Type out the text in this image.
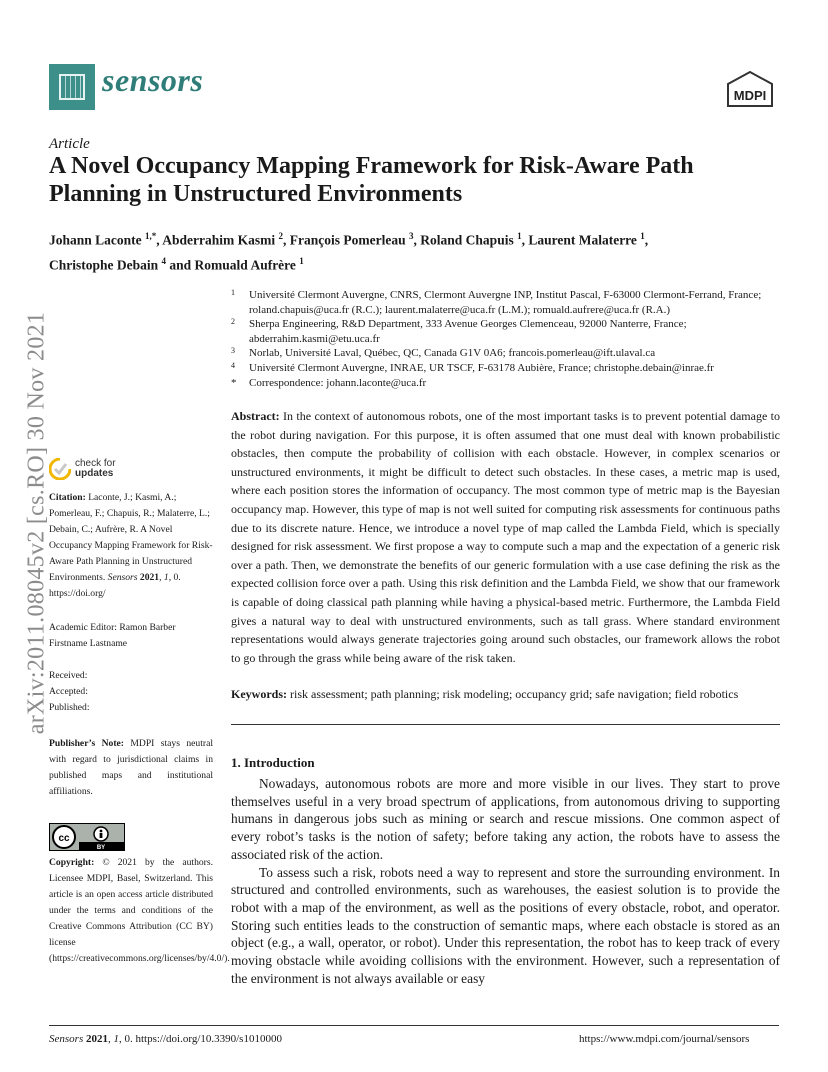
sensors	MDPI
Article
A Novel Occupancy Mapping Framework for Risk-Aware Path Planning in Unstructured Environments
Johann Laconte $^{1,*}$, Abderrahim Kasmi $^2$, François Pomerleau $^3$, Roland Chapuis $^1$, Laurent Malaterre $^1$,
Christophe Debain $^4$ and Romuald Aufrère $^1$
1 Université Clermont Auvergne, CNRS, Clermont Auvergne INP, Institut Pascal, F-63000 Clermont-Ferrand, France; roland.chapuis@uca.fr (R.C.); laurent.malaterre@uca.fr (L.M.); romuald.aufrere@uca.fr (R.A.)
2 Sherpa Engineering, R&D Department, 333 Avenue Georges Clemenceau, 92000 Nanterre, France; abderrahim.kasmi@etu.uca.fr
3 Norlab, Université Laval, Québec, QC, Canada G1V 0A6; francois.pomerleau@ift.ulaval.ca
4 Université Clermont Auvergne, INRAE, UR TSCF, F-63178 Aubière, France; christophe.debain@inrae.fr
* Correspondence: johann.laconte@uca.fr
Abstract: In the context of autonomous robots, one of the most important tasks is to prevent potential damage to the robot during navigation. For this purpose, it is often assumed that one must deal with known probabilistic obstacles, then compute the probability of collision with each obstacle. However, in complex scenarios or unstructured environments, it might be difficult to detect such obstacles. In these cases, a metric map is used, where each position stores the information of occupancy. The most common type of metric map is the Bayesian occupancy map. However, this type of map is not well suited for computing risk assessments for continuous paths due to its discrete nature. Hence, we introduce a novel type of map called the Lambda Field, which is specially designed for risk assessment. We first propose a way to compute such a map and the expectation of a generic risk over a path. Then, we demonstrate the benefits of our generic formulation with a use case defining the risk as the expected collision force over a path. Using this risk definition and the Lambda Field, we show that our framework is capable of doing classical path planning while having a physical-based metric. Furthermore, the Lambda Field gives a natural way to deal with unstructured environments, such as tall grass. Where standard environment representations would always generate trajectories going around such obstacles, our framework allows the robot to go through the grass while being aware of the risk taken.
Keywords: risk assessment; path planning; risk modeling; occupancy grid; safe navigation; field robotics
1. Introduction

Nowadays, autonomous robots are more and more visible in our lives. They start to prove themselves useful in a very broad spectrum of applications, from autonomous driving to supporting humans in dangerous jobs such as mining or search and rescue missions. One common aspect of every robot’s tasks is the notion of safety; before taking any action, the robots have to assess the associated risk of the action.

To assess such a risk, robots need a way to represent and store the surrounding environment. In structured and controlled environments, such as warehouses, the easiest solution is to provide the robot with a map of the environment, as well as the positions of every obstacle, robot, and operator. Storing such entities leads to the construction of semantic maps, where each obstacle is stored as an object (e.g., a wall, operator, or robot). Under this representation, the robot has to keep track of every moving obstacle while avoiding collisions with the environment. However, such a representation of the environment is not always available or easy

arXiv:2011.08045v2 [cs.RO] 30 Nov 2021	check for
updates
Citation: Laconte, J.; Kasmi, A.; Pomerleau, F.; Chapuis, R.; Malaterre, L.; Debain, C.; Aufrère, R. A Novel Occupancy Mapping Framework for Risk-Aware Path Planning in Unstructured Environments. Sensors 2021, 1, 0. https://doi.org/
Academic Editor: Ramon Barber
Firstname Lastname
Received:
Accepted:
Published:
Publisher’s Note: MDPI stays neutral with regard to jurisdictional claims in published maps and institutional affiliations.
cc
BY
Copyright: © 2021 by the authors. Licensee MDPI, Basel, Switzerland. This article is an open access article distributed under the terms and conditions of the Creative Commons Attribution (CC BY) license (https://creativecommons.org/licenses/by/4.0/).
Sensors 2021, 1, 0. https://doi.org/10.3390/s1010000	https://www.mdpi.com/journal/sensors
